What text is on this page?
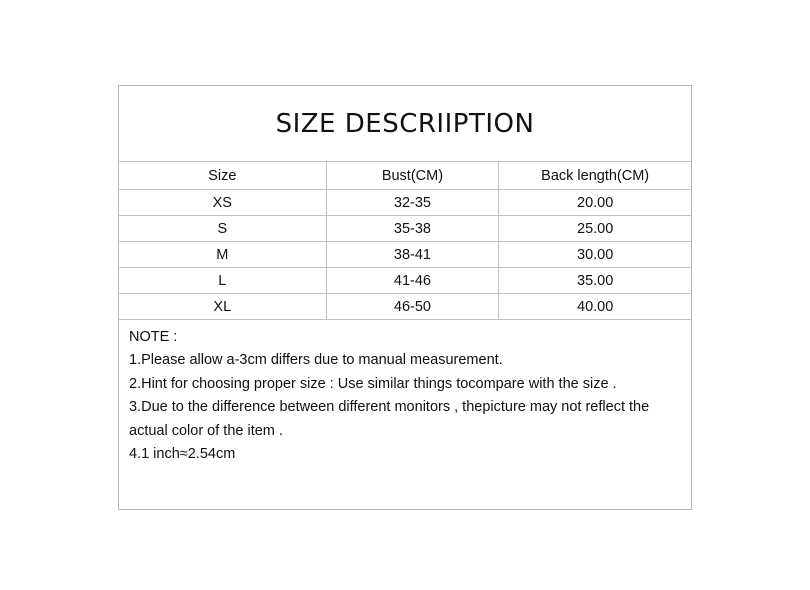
SIZE DESCRIIPTION
Size	Bust(CM)	Back length(CM)
XS	32-35	20.00
S	35-38	25.00
M	38-41	30.00
L	41-46	35.00
XL	46-50	40.00

NOTE :

1.Please allow a-3cm differs due to manual measurement.

2.Hint for choosing proper size : Use similar things tocompare with the size .

3.Due to the difference between different monitors , thepicture may not reflect the actual color of the item .

4.1 inch≈2.54cm
